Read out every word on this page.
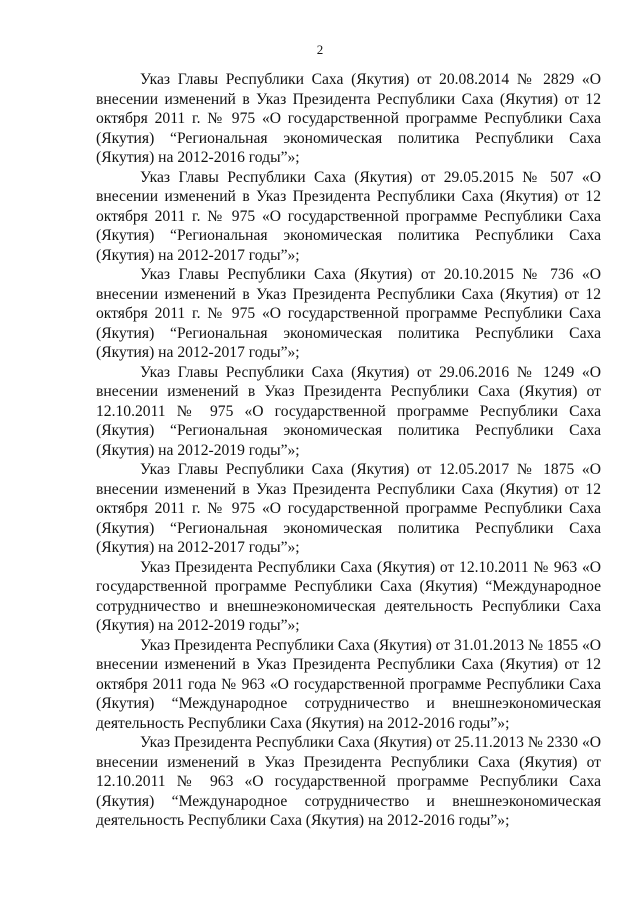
2

Указ Главы Республики Саха (Якутия) от 20.08.2014 № 2829 «О внесении изменений в Указ Президента Республики Саха (Якутия) от 12 октября 2011 г. № 975 «О государственной программе Республики Саха (Якутия) “Региональная экономическая политика Республики Саха (Якутия) на 2012-2016 годы”»;

Указ Главы Республики Саха (Якутия) от 29.05.2015 № 507 «О внесении изменений в Указ Президента Республики Саха (Якутия) от 12 октября 2011 г. № 975 «О государственной программе Республики Саха (Якутия) “Региональная экономическая политика Республики Саха (Якутия) на 2012-2017 годы”»;

Указ Главы Республики Саха (Якутия) от 20.10.2015 № 736 «О внесении изменений в Указ Президента Республики Саха (Якутия) от 12 октября 2011 г. № 975 «О государственной программе Республики Саха (Якутия) “Региональная экономическая политика Республики Саха (Якутия) на 2012-2017 годы”»;

Указ Главы Республики Саха (Якутия) от 29.06.2016 № 1249 «О внесении изменений в Указ Президента Республики Саха (Якутия) от 12.10.2011 № 975 «О государственной программе Республики Саха (Якутия) “Региональная экономическая политика Республики Саха (Якутия) на 2012-2019 годы”»;

Указ Главы Республики Саха (Якутия) от 12.05.2017 № 1875 «О внесении изменений в Указ Президента Республики Саха (Якутия) от 12 октября 2011 г. № 975 «О государственной программе Республики Саха (Якутия) “Региональная экономическая политика Республики Саха (Якутия) на 2012-2017 годы”»;

Указ Президента Республики Саха (Якутия) от 12.10.2011 № 963 «О государственной программе Республики Саха (Якутия) “Международное сотрудничество и внешнеэкономическая деятельность Республики Саха (Якутия) на 2012-2019 годы”»;

Указ Президента Республики Саха (Якутия) от 31.01.2013 № 1855 «О внесении изменений в Указ Президента Республики Саха (Якутия) от 12 октября 2011 года № 963 «О государственной программе Республики Саха (Якутия) “Международное сотрудничество и внешнеэкономическая деятельность Республики Саха (Якутия) на 2012-2016 годы”»;

Указ Президента Республики Саха (Якутия) от 25.11.2013 № 2330 «О внесении изменений в Указ Президента Республики Саха (Якутия) от 12.10.2011 № 963 «О государственной программе Республики Саха (Якутия) “Международное сотрудничество и внешнеэкономическая деятельность Республики Саха (Якутия) на 2012-2016 годы”»;
